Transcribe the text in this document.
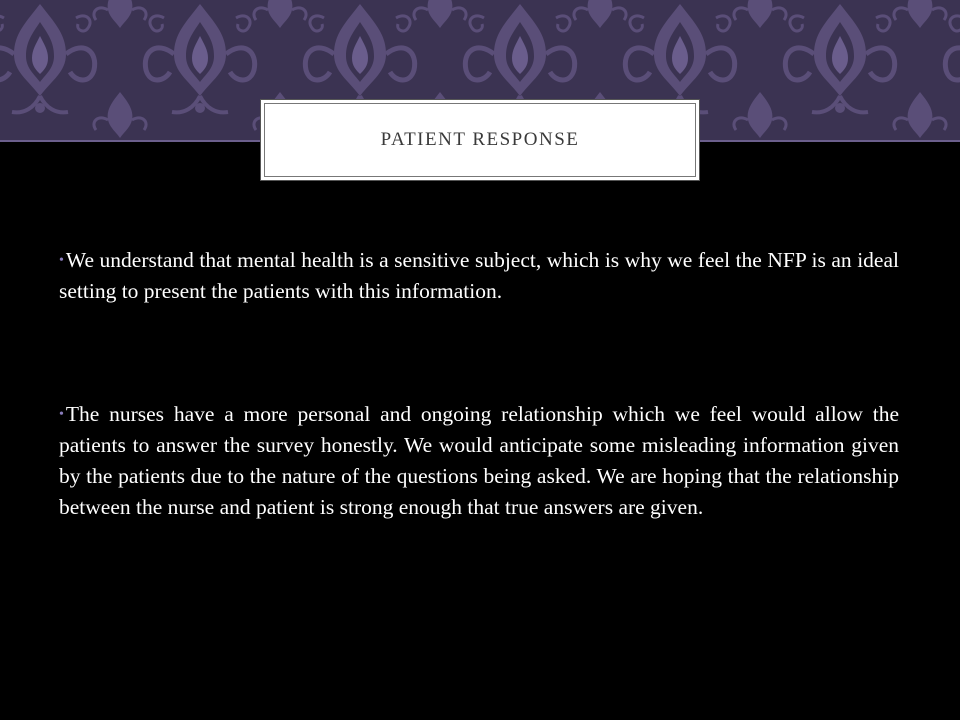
PATIENT RESPONSE
•We understand that mental health is a sensitive subject, which is why we feel the NFP is an ideal setting to present the patients with this information.
•The nurses have a more personal and ongoing relationship which we feel would allow the patients to answer the survey honestly. We would anticipate some misleading information given by the patients due to the nature of the questions being asked. We are hoping that the relationship between the nurse and patient is strong enough that true answers are given.
